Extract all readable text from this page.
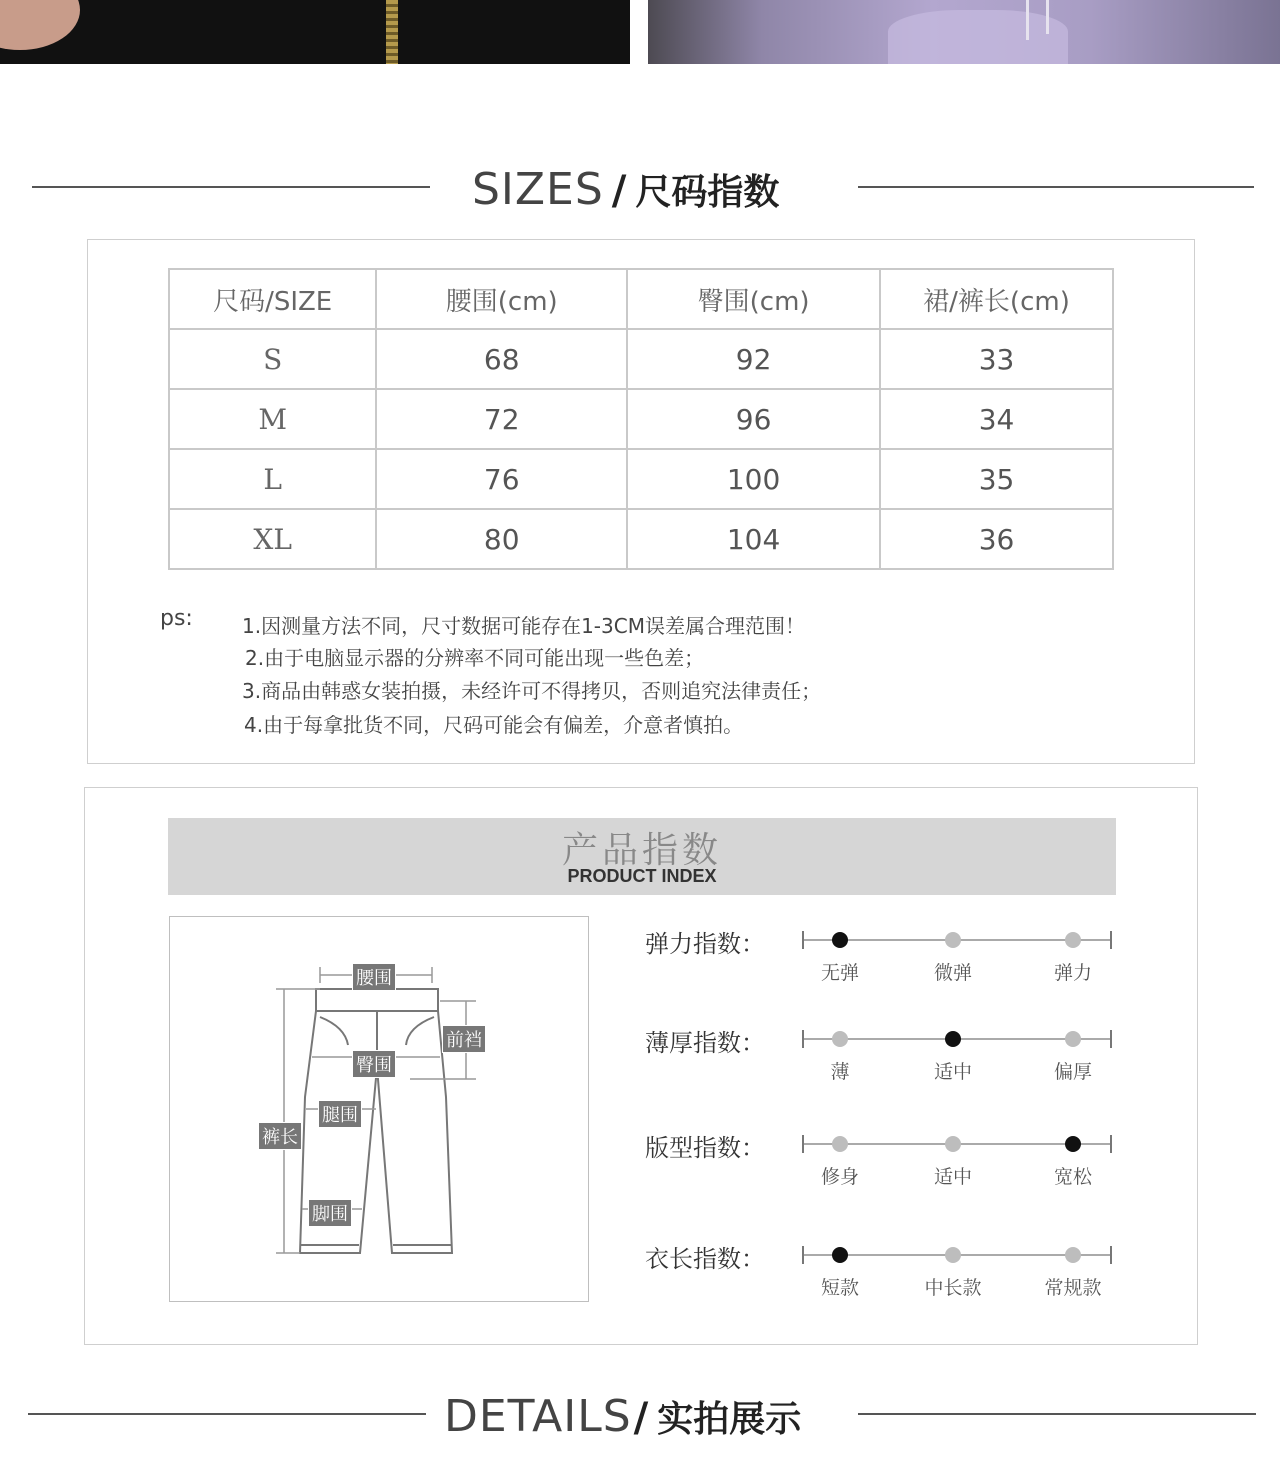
SIZES / 尺码指数
尺码/SIZE	腰围(cm)	臀围(cm)	裙/裤长(cm)
S	68	92	33
M	72	96	34
L	76	100	35
XL	80	104	36
ps: 1.因测量方法不同，尺寸数据可能存在1-3CM误差属合理范围！
2.由于电脑显示器的分辨率不同可能出现一些色差；
3.商品由韩惑女装拍摄，未经许可不得拷贝，否则追究法律责任；
4.由于每拿批货不同，尺码可能会有偏差，介意者慎拍。
产品指数
PRODUCT INDEX
腰围
前裆
臀围
腿围
裤长
脚围
弹力指数：
无弹	微弹	弹力
薄厚指数：
薄	适中	偏厚
版型指数：
修身	适中	宽松
衣长指数：
短款	中长款	常规款
DETAILS/ 实拍展示
